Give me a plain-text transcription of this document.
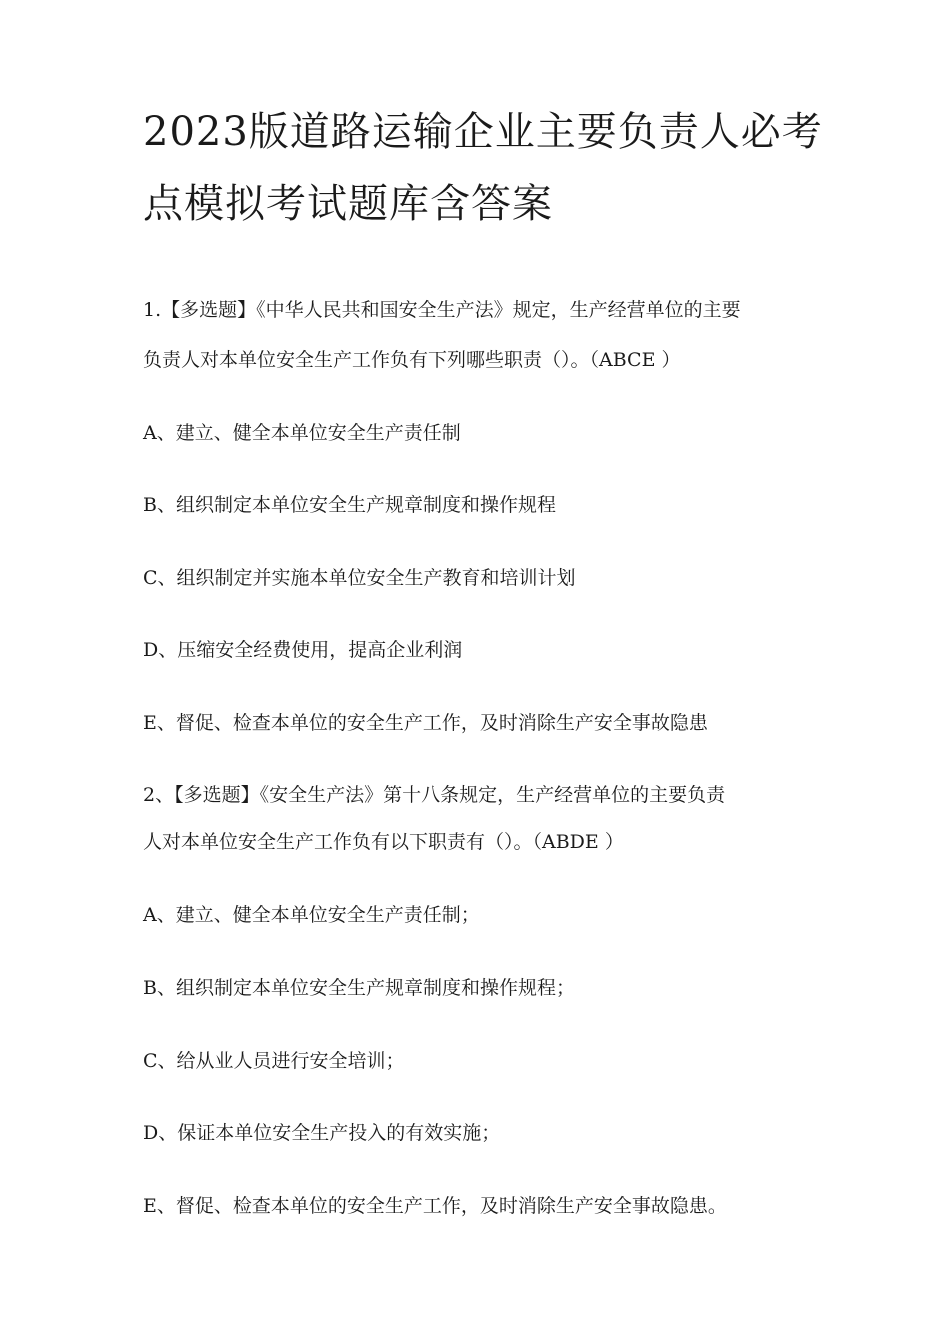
2023版道路运输企业主要负责人必考点模拟考试题库含答案

1.【多选题】《中华人民共和国安全生产法》规定，生产经营单位的主要

负责人对本单位安全生产工作负有下列哪些职责（）。（ABCE ）

A、建立、健全本单位安全生产责任制

B、组织制定本单位安全生产规章制度和操作规程

C、组织制定并实施本单位安全生产教育和培训计划

D、压缩安全经费使用，提高企业利润

E、督促、检查本单位的安全生产工作，及时消除生产安全事故隐患

2、【多选题】《安全生产法》第十八条规定，生产经营单位的主要负责

人对本单位安全生产工作负有以下职责有（）。（ABDE ）

A、建立、健全本单位安全生产责任制；

B、组织制定本单位安全生产规章制度和操作规程；

C、给从业人员进行安全培训；

D、保证本单位安全生产投入的有效实施；

E、督促、检查本单位的安全生产工作，及时消除生产安全事故隐患。
